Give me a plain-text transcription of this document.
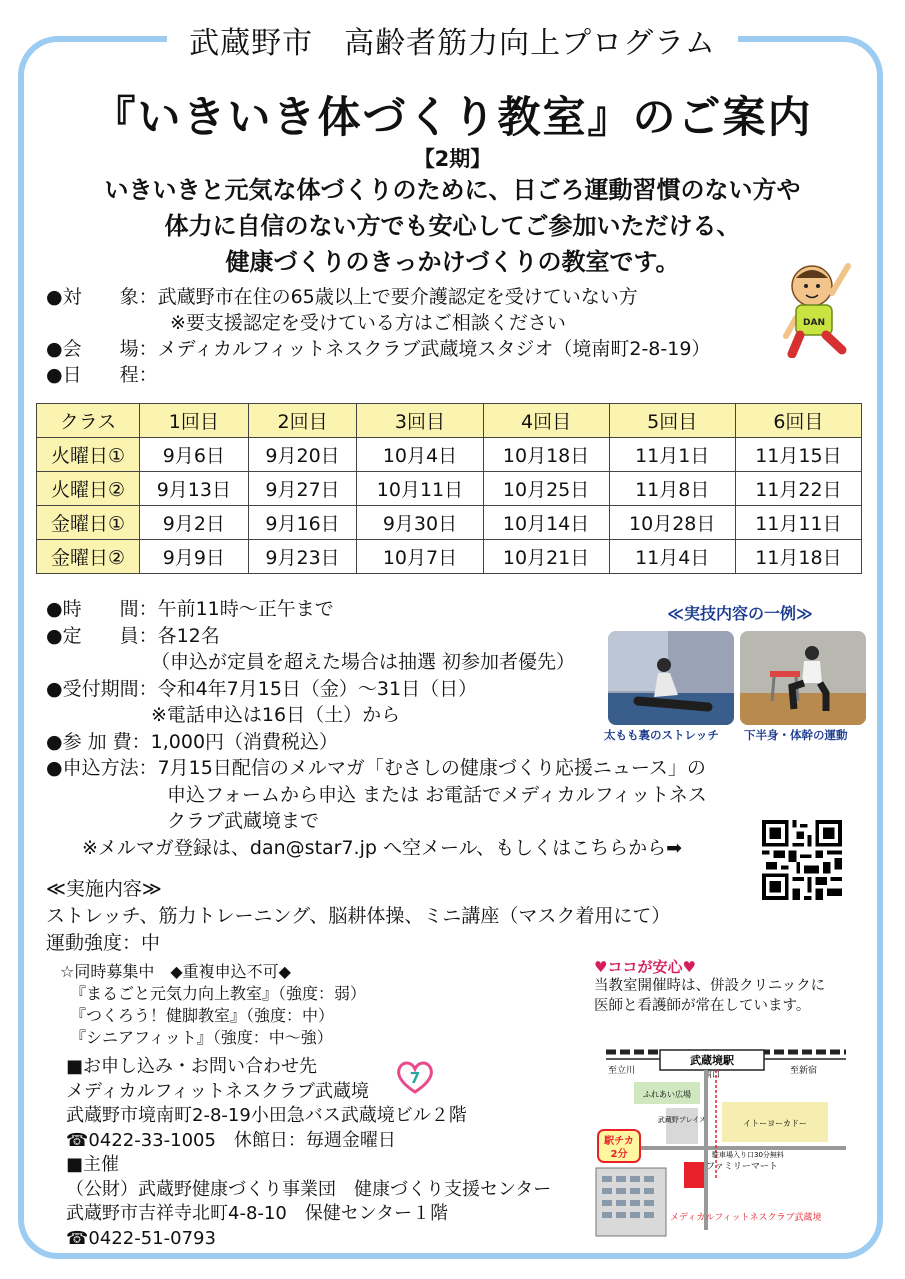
武蔵野市　高齢者筋力向上プログラム
『いきいき体づくり教室』のご案内
【2期】
いきいきと元気な体づくりのために、日ごろ運動習慣のない方や
体力に自信のない方でも安心してご参加いただける、
健康づくりのきっかけづくりの教室です。
●対　　象：武蔵野市在住の65歳以上で要介護認定を受けていない方
※要支援認定を受けている方はご相談ください
●会　　場：メディカルフィットネスクラブ武蔵境スタジオ（境南町2-8-19）
●日　　程：
DAN
クラス	1回目	2回目	3回目	4回目	5回目	6回目
火曜日①	9月6日	9月20日	10月4日	10月18日	11月1日	11月15日
火曜日②	9月13日	9月27日	10月11日	10月25日	11月8日	11月22日
金曜日①	9月2日	9月16日	9月30日	10月14日	10月28日	11月11日
金曜日②	9月9日	9月23日	10月7日	10月21日	11月4日	11月18日
●時　　間：午前11時～正午まで
●定　　員：各12名
（申込が定員を超えた場合は抽選 初参加者優先）
●受付期間：令和4年7月15日（金）～31日（日）
※電話申込は16日（土）から
●参 加 費：1,000円（消費税込）
●申込方法：7月15日配信のメルマガ「むさしの健康づくり応援ニュース」の
申込フォームから申込 または お電話でメディカルフィットネス
クラブ武蔵境まで
※メルマガ登録は、dan@star7.jp へ空メール、もしくはこちらから➡
≪実技内容の一例≫
太もも裏のストレッチ 下半身・体幹の運動
≪実施内容≫
ストレッチ、筋力トレーニング、脳耕体操、ミニ講座（マスク着用にて）
運動強度：中
☆同時募集中　◆重複申込不可◆
『まるごと元気力向上教室』（強度：弱）
『つくろう！健脚教室』（強度：中）
『シニアフィット』（強度：中～強）
■お申し込み・お問い合わせ先
メディカルフィットネスクラブ武蔵境
武蔵野市境南町2-8-19小田急バス武蔵境ビル２階
☎0422-33-1005　休館日：毎週金曜日
■主催
（公財）武蔵野健康づくり事業団　健康づくり支援センター
武蔵野市吉祥寺北町4-8-10　保健センター１階
☎0422-51-0793
7
♥ココが安心♥
当教室開催時は、併設クリニックに
医師と看護師が常在しています。
武蔵境駅
南口
至立川	至新宿
ふれあい広場
武蔵野プレイス	イトーヨーカドー
駐車場入り口30分無料
ファミリーマート
駅チカ
2分
メディカルフィットネスクラブ武蔵境
